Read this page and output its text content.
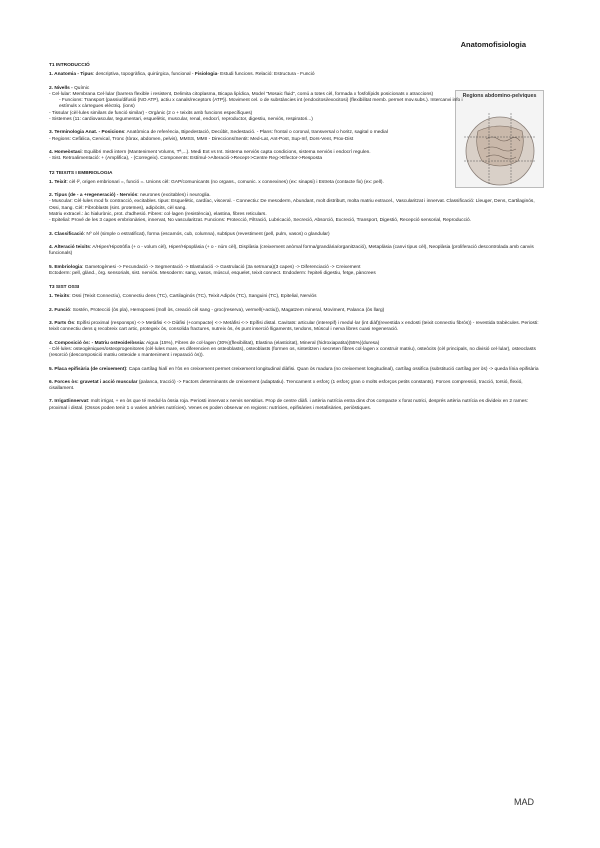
Anatomofisiologia
Regions abdomino-pelviques
T1 INTRODUCCIÓ

1. Anatomia - Tipus: descriptiva, topogràfica, quirúrgica, funcional - Fisiologia- Estudi funcions. Relació: Estructura - Funció

2. Nivells - Químic

- Cel·lular: Membrana Cel·lular (barrera flexible i resistent, Delimita citoplasma, Bicapa lipídica, Model "Mosaic fluid", comú a totes cèl, formada x fosfolípids posicionats x atraccions)

- Funcions: Transport (passiu/difusió (NO ATP), actiu x canals/receptors (ATP)). Moviment cel. o de substàncies int (endocitosi/exocitosi) (flexibilitat memb. permet mov.subs.). Intercanvi info i estímuls x càrregues elèctriq. (ions)

- Tissular (cèl·lules similars de funció similar) - Orgànic (2 o + teixits amb funcions específiques)

- Sistemes (11: cardiovascular, tegumentari, esquelètic, muscular, renal, endocrí, reproductor, digestiu, nerviós, respiratori...)

3. Terminologia Anat. - Posicions: Anatòmica de referència, Bipedestació, Decúbit, Sedestació. - Plans: frontal o coronal, transversal o horitz, sagital o medial

- Regions: Cefàlica, Cervical, Tronc (tòrax, abdomen, pelvis), MMSS, MMII - Direccions/Sentit: Med-Lat, Ant-Post, Sup-Inf, Dors-Vent, Prox-Dist

4. Homeòstasi: Equilibri medi intern (Manteniment Volums, Tª,...). Medi Ext vs Int. Sistema nerviós capta condicions, sistema nerviós i endocrí regulen.

- Sist. Retroalimentació: + (Amplifica), - (Corregeix). Components: Estímul->Alteració->Recept->Centre Reg->Efector->Resposta

T2 TEIXITS I EMBRIOLOGIA

1. Teixit: cèl·l², origen embrionari =, funció =. Unions cèl: GAP/comunicants (no organs., comunic. x connexines) (ex: sinapsi) i Estreta (contacte fix) (ex: pell).

2. Tipus (de - a +regeneració) - Nerviós: neurones (excitables) i neuroglia.

- Muscular: Cèl·lules mod fx contracció, excitables. tipus: Esquelètic, cardíac, visceral. - Connectiu: De mesoderm, Abundant, molt distribuït, molta matriu extracel., Vascularitzat i innervat. Classificació: Lleuger, Dens, Cartilaginós, Ossi, Sang. Cèl: Fibroblasts (sint. proteïnes), adipòcits, cèl sang.

Matriu extracel.: àc hialurònic, prot. d'adhesió. Fibres: col·lagen (resistència), elastina, fibres reticulars.

- Epitelial: Prové de les 3 capes embrionàries, innervat, No vascularitzat. Funcions: Protecció, Filtració, Lubricació, Secreció, Absorció, Excreció, Transport, Digestió, Recepció sensorial, Reproducció.

3. Classificació: Nº cèl (simple o estratificat), forma (escamós, cub, columna), subtipus (revestiment (pell, pulm, vasos) o glandular)

4. Alteració teixits: A/Hiper/Hipotròfia (+ o - volum cèl), Hiper/Hipoplàsia (+ o - núm cèl), Displàsia (creixement anòmal forma/grandària/organització), Metaplàsia (canvi tipus cèl), Neoplàsia (proliferació descontrolada amb canvis funcionals)

5. Embriologia: Gametogènesi -> Fecundació -> Segmentació -> Blastulació -> Gastrulació (3a setmana)(3 capes) -> Diferenciació -> Creixement

Ectoderm: pell, glànd., òrg. sensorials, sist. nerviós. Mesoderm: sang, vasos, múscul, esquelet, teixit connect. Endoderm: l'epiteli digestiu, fetge, pàncrees

T3 SIST OSSI

1. Teixits: Ossi (Teixit Connectiu), Connectiu dens (TC), Cartilaginós (TC), Teixit Adipós (TC), Sanguini (TC), Epitelial, Nerviós

2. Funció: Sostén, Protecció (òs pla), Hemopoesi (moll òs, creació cèl sang - groc(reserva), vermell(+actiu)), Magatzem mineral, Moviment, Palanca (òs llarg)

3. Parts Òs: Epífisi proximal (responsps) <-> Metàfisi <-> Diàfisi (+compacte) <-> Metàfisi <-> Epífisi distal. Cavitats: articular (interepif) i medul·lar (int diàf)(revestida x endosti (teixit connectiu fibrós)) - revestida trabècules. Periosti: teixit connectiu dens q recobreix cart artic, protegeix òs, consolida fractures, nutreix òs, és punt inserció lligaments, tendons, Múscul i nerva libres cuasi regeneració.

4. Composició òs: - Matriu osteoide/òssia: Aigua (15%), Fibres de col·lagen (30%)(flexibilitat), Elastina (elasticitat), Mineral (hidroxiapatita)(55%)(duresa)

- Cèl·lules: osteogèniques/osteoprogenitores (cèl·lules mare, es diferencien en osteoblasts), osteoblasts (formen os, sintetitzen i secreten fibres col·lagen x construir matriu), osteòcits (cèl principals, no divisió cel·lular), osteoclasts (resorció (descomposició matriu osteoide x manteniment i reparació òs)).

5. Placa epifisària (de creixement): Capa cartílag hialí en l'òs en creixement permet creixement longitudinal diàfisi. Quan òs madura (no creixement longitudinal), cartílag ossifica (substitució cartílag per òs) -> queda línia epifisària

6. Forces òs: gravetat i acció muscular (palanca, tracció) -> Factors determinants de creixement (adaptatiu). Trencament x esforç (1 esforç gran o molts esforços petits constants). Forces compressió, tracció, torsió, flexió, cisallament.

7. Irrigat/innervat: molt irrigat, + en òs que té medul·la òssia roja. Periosti innervat x nervis sensitius. Prop de centre diàfi. i artèria nutrícia entra dins d'os compacte x forat nutrici, després artèria nutrícia es divideix en 2 rames: proximal i distal. (Ossos poden tenir 1 o varies artèries nutrícies). Venes es poden observar en regions: nutrícies, epifisàries i metafisàries, periòstiques.

MAD
